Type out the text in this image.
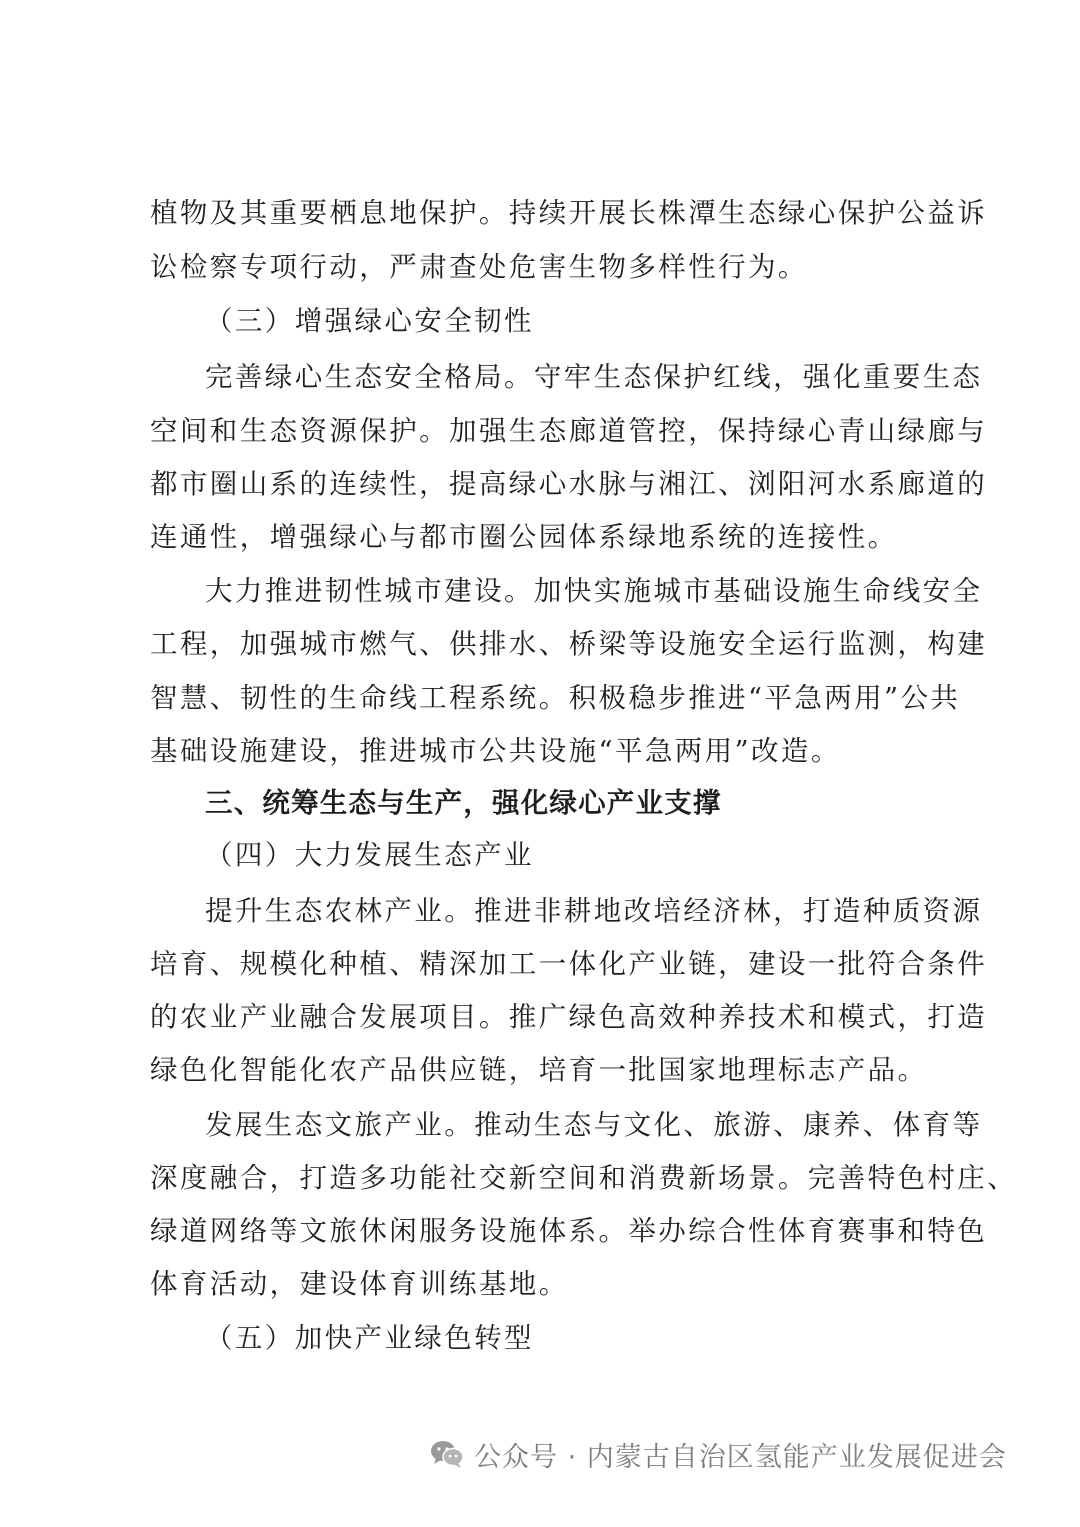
植物及其重要栖息地保护。持续开展长株潭生态绿心保护公益诉
讼检察专项行动，严肃查处危害生物多样性行为。
（三）增强绿心安全韧性
完善绿心生态安全格局。守牢生态保护红线，强化重要生态
空间和生态资源保护。加强生态廊道管控，保持绿心青山绿廊与
都市圈山系的连续性，提高绿心水脉与湘江、浏阳河水系廊道的
连通性，增强绿心与都市圈公园体系绿地系统的连接性。
大力推进韧性城市建设。加快实施城市基础设施生命线安全
工程，加强城市燃气、供排水、桥梁等设施安全运行监测，构建
智慧、韧性的生命线工程系统。积极稳步推进“平急两用”公共
基础设施建设，推进城市公共设施“平急两用”改造。
三、统筹生态与生产，强化绿心产业支撑
（四）大力发展生态产业
提升生态农林产业。推进非耕地改培经济林，打造种质资源
培育、规模化种植、精深加工一体化产业链，建设一批符合条件
的农业产业融合发展项目。推广绿色高效种养技术和模式，打造
绿色化智能化农产品供应链，培育一批国家地理标志产品。
发展生态文旅产业。推动生态与文化、旅游、康养、体育等
深度融合，打造多功能社交新空间和消费新场景。完善特色村庄、
绿道网络等文旅休闲服务设施体系。举办综合性体育赛事和特色
体育活动，建设体育训练基地。
（五）加快产业绿色转型
公众号 · 内蒙古自治区氢能产业发展促进会
